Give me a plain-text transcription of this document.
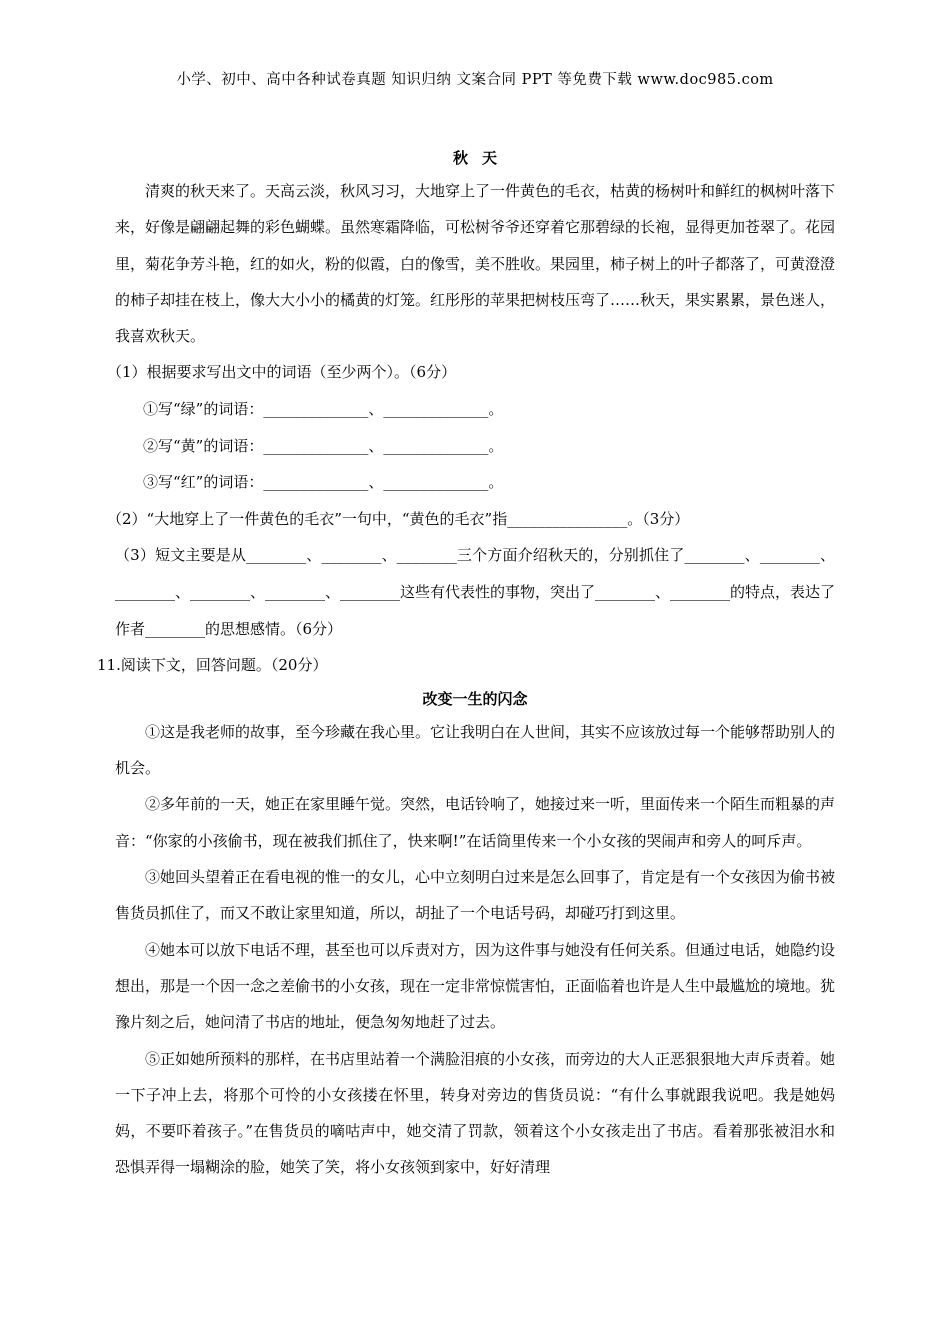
小学、初中、高中各种试卷真题 知识归纳 文案合同 PPT 等免费下载 www.doc985.com
秋天

清爽的秋天来了。天高云淡，秋风习习，大地穿上了一件黄色的毛衣，枯黄的杨树叶和鲜红的枫树叶落下来，好像是翩翩起舞的彩色蝴蝶。虽然寒霜降临，可松树爷爷还穿着它那碧绿的长袍，显得更加苍翠了。花园里，菊花争芳斗艳，红的如火，粉的似霞，白的像雪，美不胜收。果园里，柿子树上的叶子都落了，可黄澄澄的柿子却挂在枝上，像大大小小的橘黄的灯笼。红彤彤的苹果把树枝压弯了……秋天，果实累累，景色迷人，我喜欢秋天。

（1）根据要求写出文中的词语（至少两个）。（6分）

①写“绿”的词语：______________、______________。

②写“黄”的词语：______________、______________。

③写“红”的词语：______________、______________。

（2）“大地穿上了一件黄色的毛衣”一句中，“黄色的毛衣”指________________。（3分）

（3）短文主要是从________、________、________三个方面介绍秋天的，分别抓住了________、________、________、________、________、________这些有代表性的事物，突出了________、________的特点，表达了作者________的思想感情。（6分）

11.阅读下文，回答问题。（20分）

改变一生的闪念

①这是我老师的故事，至今珍藏在我心里。它让我明白在人世间，其实不应该放过每一个能够帮助别人的机会。

②多年前的一天，她正在家里睡午觉。突然，电话铃响了，她接过来一听，里面传来一个陌生而粗暴的声音：“你家的小孩偷书，现在被我们抓住了，快来啊!”在话筒里传来一个小女孩的哭闹声和旁人的呵斥声。

③她回头望着正在看电视的惟一的女儿，心中立刻明白过来是怎么回事了，肯定是有一个女孩因为偷书被售货员抓住了，而又不敢让家里知道，所以，胡扯了一个电话号码，却碰巧打到这里。

④她本可以放下电话不理，甚至也可以斥责对方，因为这件事与她没有任何关系。但通过电话，她隐约设想出，那是一个因一念之差偷书的小女孩，现在一定非常惊慌害怕，正面临着也许是人生中最尴尬的境地。犹豫片刻之后，她问清了书店的地址，便急匆匆地赶了过去。

⑤正如她所预料的那样，在书店里站着一个满脸泪痕的小女孩，而旁边的大人正恶狠狠地大声斥责着。她一下子冲上去，将那个可怜的小女孩搂在怀里，转身对旁边的售货员说：“有什么事就跟我说吧。我是她妈妈，不要吓着孩子。”在售货员的嘀咕声中，她交清了罚款，领着这个小女孩走出了书店。看着那张被泪水和恐惧弄得一塌糊涂的脸，她笑了笑，将小女孩领到家中，好好清理
